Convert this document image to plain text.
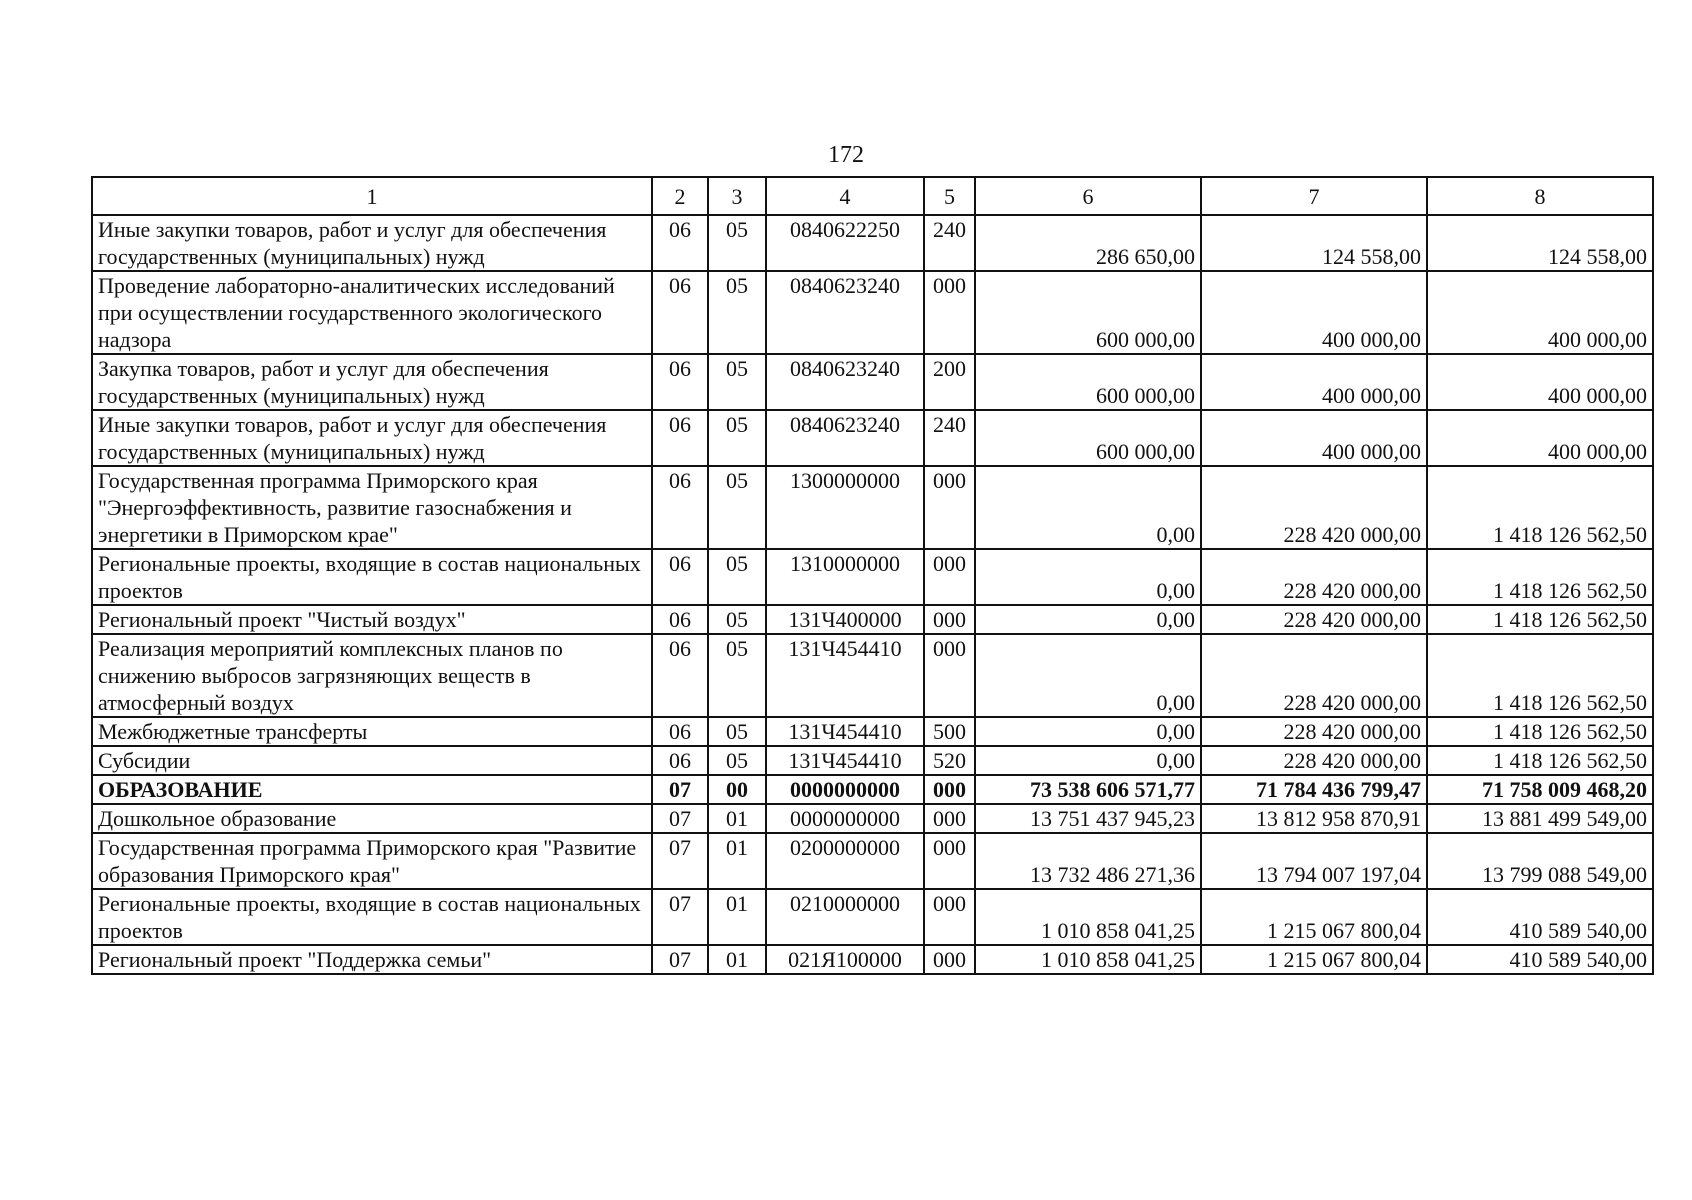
172
1	2	3	4	5	6	7	8
Иные закупки товаров, работ и услуг для обеспечения государственных (муниципальных) нужд	06	05	0840622250	240	286 650,00	124 558,00	124 558,00
Проведение лабораторно-аналитических исследований при осуществлении государственного экологического надзора	06	05	0840623240	000	600 000,00	400 000,00	400 000,00
Закупка товаров, работ и услуг для обеспечения государственных (муниципальных) нужд	06	05	0840623240	200	600 000,00	400 000,00	400 000,00
Иные закупки товаров, работ и услуг для обеспечения государственных (муниципальных) нужд	06	05	0840623240	240	600 000,00	400 000,00	400 000,00
Государственная программа Приморского края "Энергоэффективность, развитие газоснабжения и энергетики в Приморском крае"	06	05	1300000000	000	0,00	228 420 000,00	1 418 126 562,50
Региональные проекты, входящие в состав национальных проектов	06	05	1310000000	000	0,00	228 420 000,00	1 418 126 562,50
Региональный проект "Чистый воздух"	06	05	131Ч400000	000	0,00	228 420 000,00	1 418 126 562,50
Реализация мероприятий комплексных планов по снижению выбросов загрязняющих веществ в атмосферный воздух	06	05	131Ч454410	000	0,00	228 420 000,00	1 418 126 562,50
Межбюджетные трансферты	06	05	131Ч454410	500	0,00	228 420 000,00	1 418 126 562,50
Субсидии	06	05	131Ч454410	520	0,00	228 420 000,00	1 418 126 562,50
ОБРАЗОВАНИЕ	07	00	0000000000	000	73 538 606 571,77	71 784 436 799,47	71 758 009 468,20
Дошкольное образование	07	01	0000000000	000	13 751 437 945,23	13 812 958 870,91	13 881 499 549,00
Государственная программа Приморского края "Развитие образования Приморского края"	07	01	0200000000	000	13 732 486 271,36	13 794 007 197,04	13 799 088 549,00
Региональные проекты, входящие в состав национальных проектов	07	01	0210000000	000	1 010 858 041,25	1 215 067 800,04	410 589 540,00
Региональный проект "Поддержка семьи"	07	01	021Я100000	000	1 010 858 041,25	1 215 067 800,04	410 589 540,00
